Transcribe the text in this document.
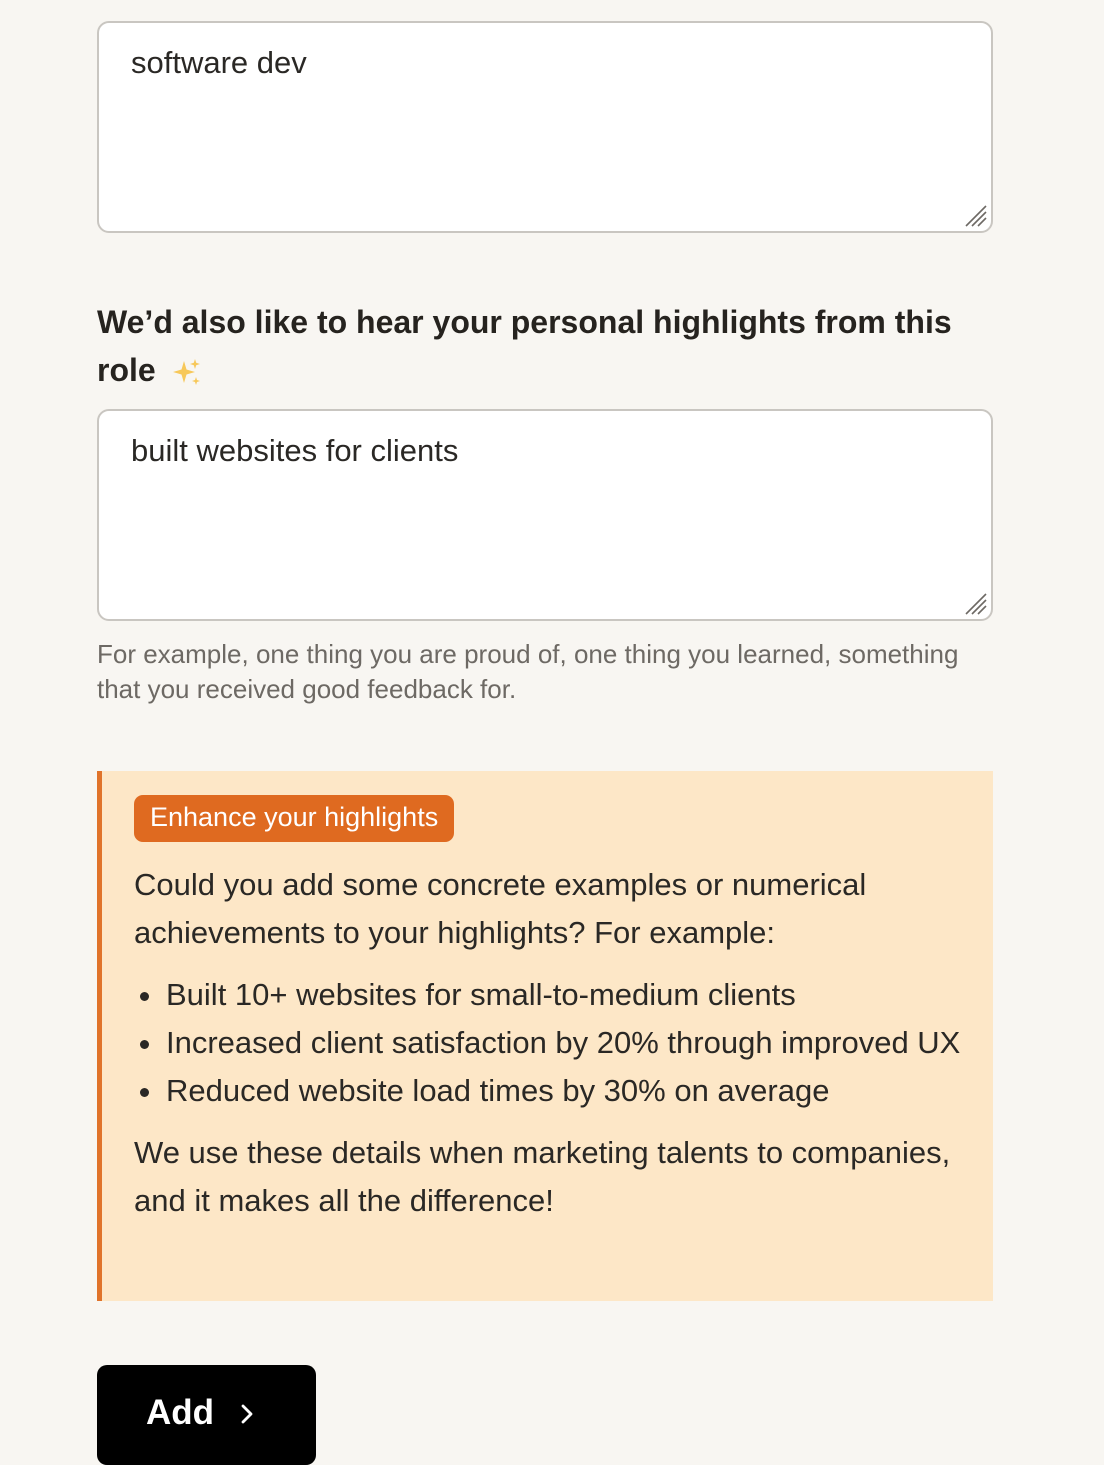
software dev
We’d also like to hear your personal highlights from this role
built websites for clients
For example, one thing you are proud of, one thing you learned, something that you received good feedback for.
Enhance your highlights
Could you add some concrete examples or numerical achievements to your highlights? For example:
Built 10+ websites for small-to-medium clients
Increased client satisfaction by 20% through improved UX
Reduced website load times by 30% on average
We use these details when marketing talents to companies, and it makes all the difference!
Add
